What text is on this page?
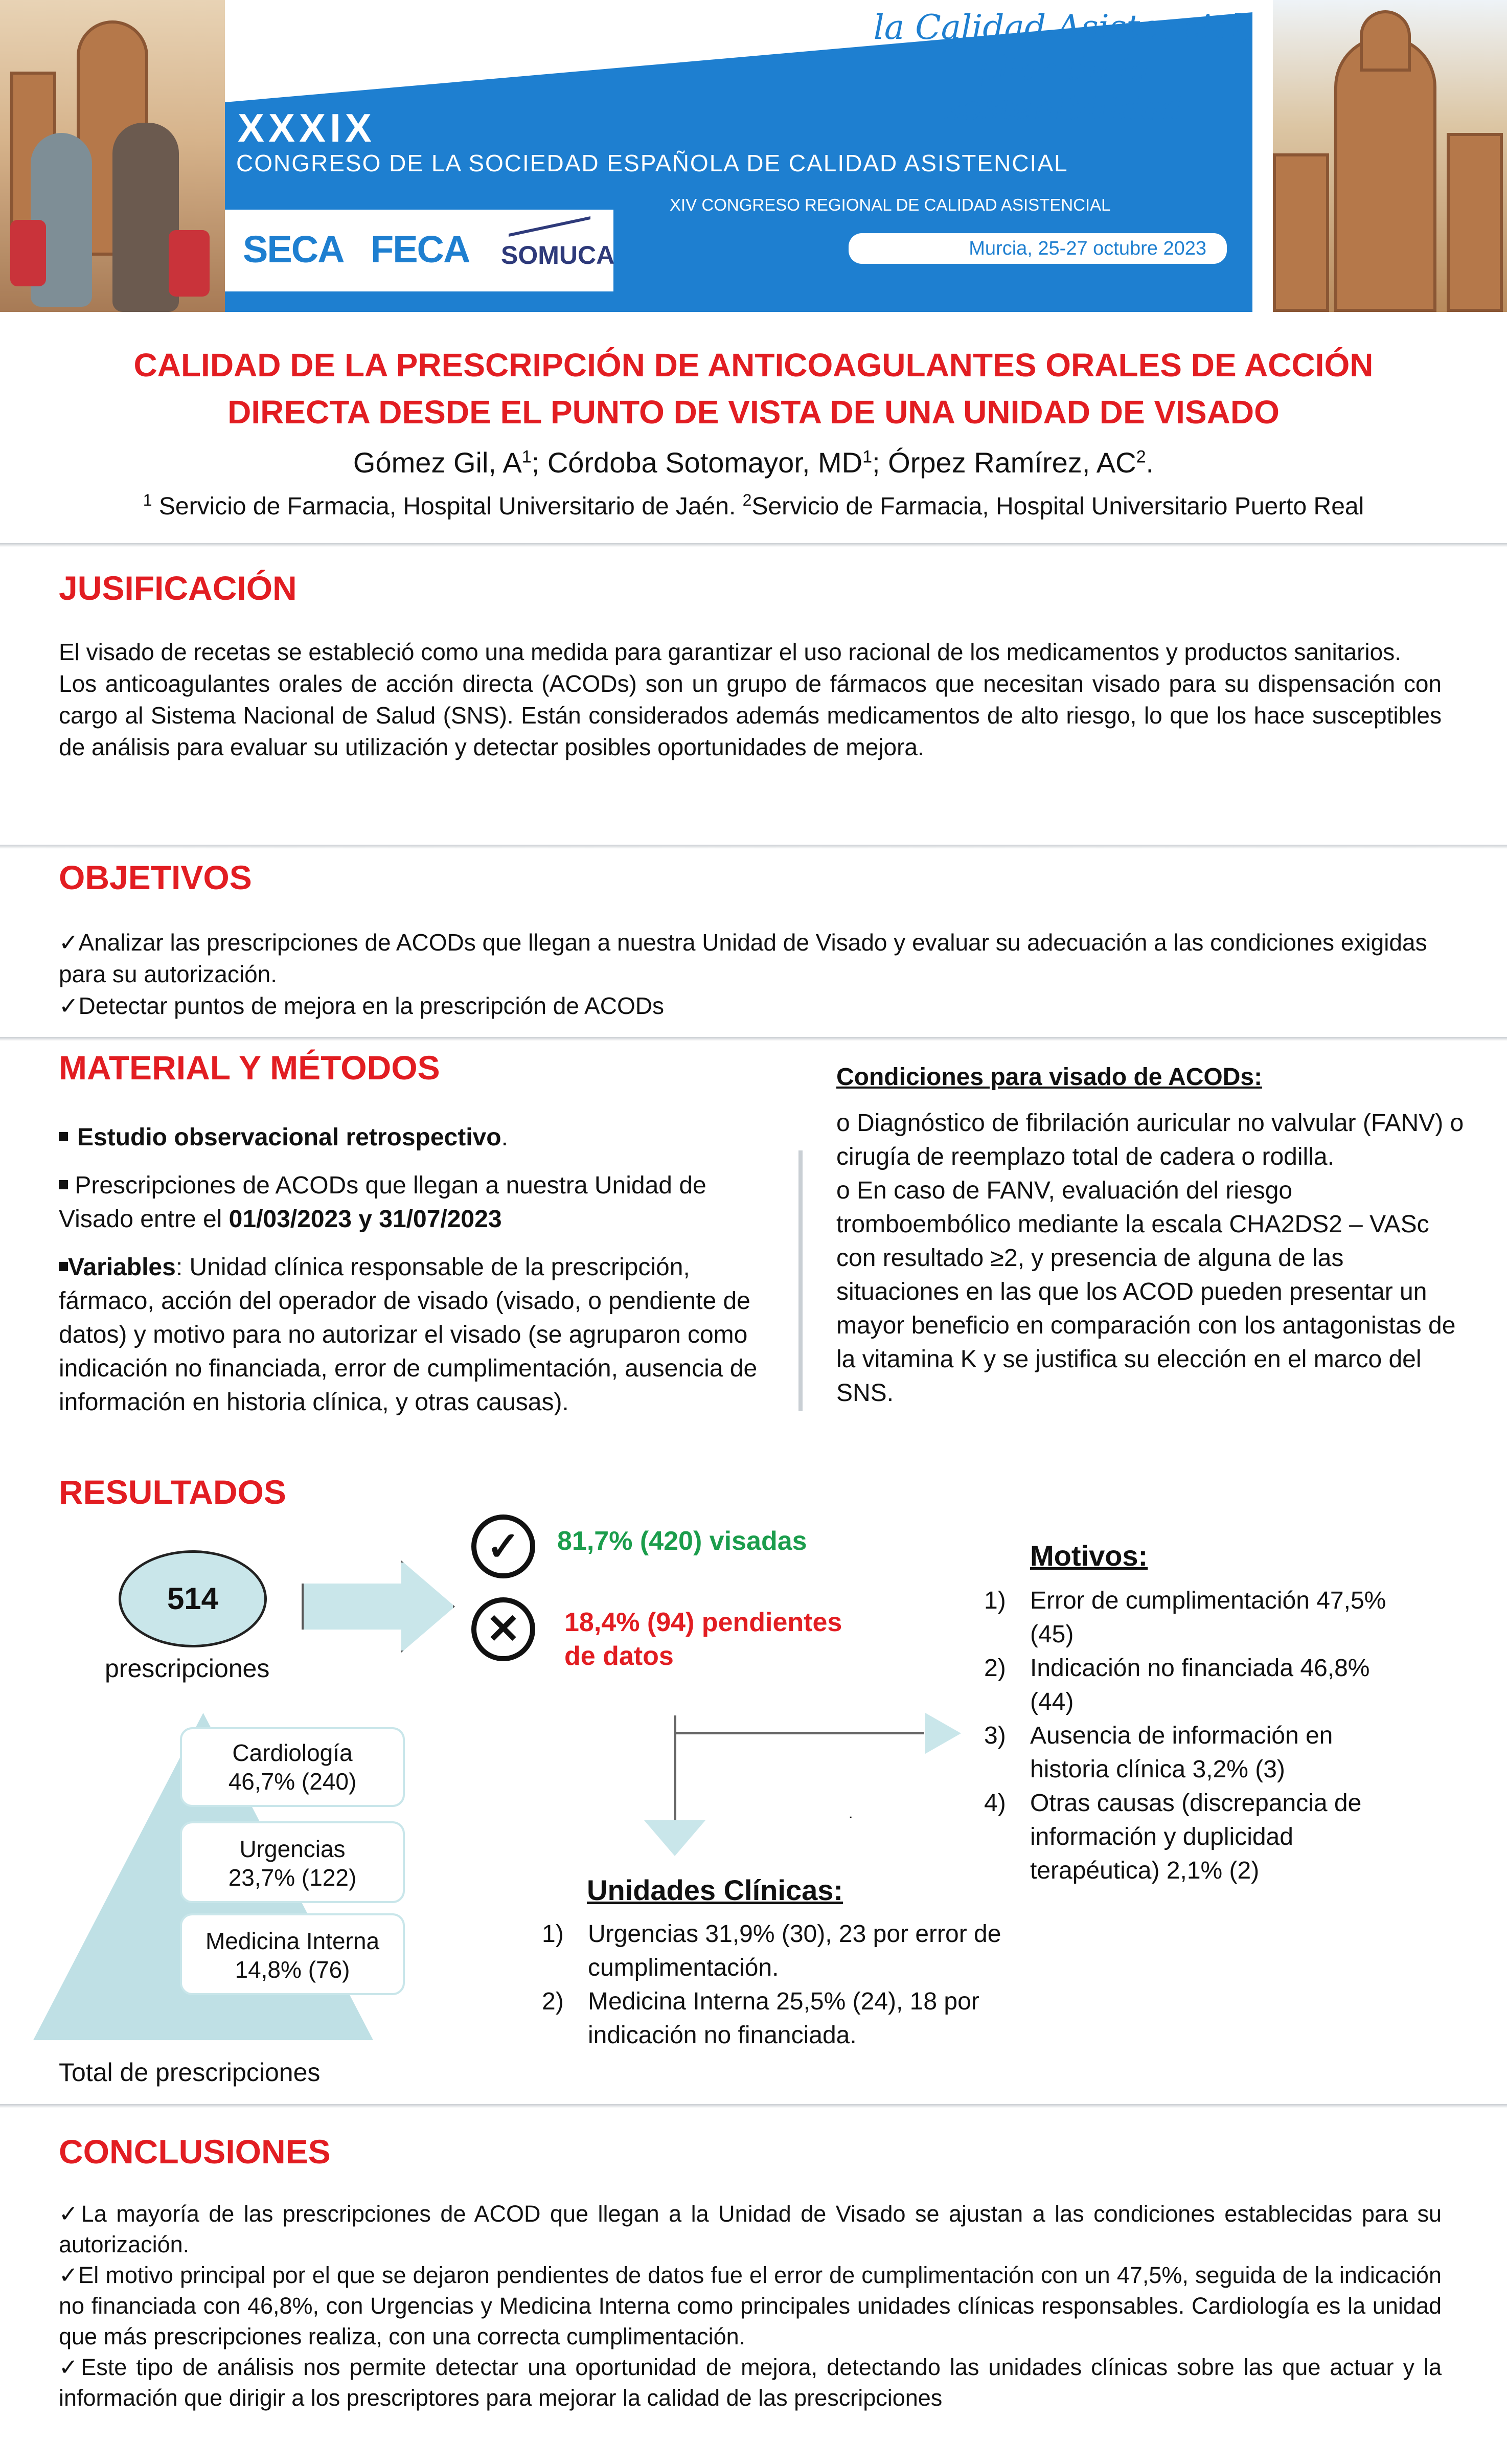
la Calidad Asistencial,
pilar de la sostenibilidad
XXXIX
CONGRESO DE LA SOCIEDAD ESPAÑOLA DE CALIDAD ASISTENCIAL
XIV CONGRESO REGIONAL DE CALIDAD ASISTENCIAL
SECA FECA SOMUCA	Murcia, 25-27 octubre 2023
CALIDAD DE LA PRESCRIPCIÓN DE ANTICOAGULANTES ORALES DE ACCIÓN
DIRECTA DESDE EL PUNTO DE VISTA DE UNA UNIDAD DE VISADO
Gómez Gil, $A^1$; Córdoba Sotomayor, $MD^1$; Órpez Ramírez, $AC^2$.
$^1$ Servicio de Farmacia, Hospital Universitario de Jaén. $^2$Servicio de Farmacia, Hospital Universitario Puerto Real
JUSIFICACIÓN
El visado de recetas se estableció como una medida para garantizar el uso racional de los medicamentos y productos sanitarios.
Los anticoagulantes orales de acción directa (ACODs) son un grupo de fármacos que necesitan visado para su dispensación con cargo al Sistema Nacional de Salud (SNS). Están considerados además medicamentos de alto riesgo, lo que los hace susceptibles de análisis para evaluar su utilización y detectar posibles oportunidades de mejora.
OBJETIVOS
✓Analizar las prescripciones de ACODs que llegan a nuestra Unidad de Visado y evaluar su adecuación a las condiciones exigidas para su autorización.
✓Detectar puntos de mejora en la prescripción de ACODs
MATERIAL Y MÉTODOS
Estudio observacional retrospectivo.
Prescripciones de ACODs que llegan a nuestra Unidad de Visado entre el 01/03/2023 y 31/07/2023
Variables: Unidad clínica responsable de la prescripción, fármaco, acción del operador de visado (visado, o pendiente de datos) y motivo para no autorizar el visado (se agruparon como indicación no financiada, error de cumplimentación, ausencia de información en historia clínica, y otras causas).
Condiciones para visado de ACODs:
o Diagnóstico de fibrilación auricular no valvular (FANV) o cirugía de reemplazo total de cadera o rodilla.
o En caso de FANV, evaluación del riesgo tromboembólico mediante la escala CHA2DS2 – VASc con resultado ≥2, y presencia de alguna de las situaciones en las que los ACOD pueden presentar un mayor beneficio en comparación con los antagonistas de la vitamina K y se justifica su elección en el marco del SNS.
RESULTADOS
514
prescripciones
Cardiología
46,7% (240)
Urgencias
23,7% (122)
Medicina Interna
14,8% (76)
Total de prescripciones
✓	81,7% (420) visadas
✕	18,4% (94) pendientes
de datos
.
Motivos:
1) Error de cumplimentación 47,5% (45)
2) Indicación no financiada 46,8% (44)
3) Ausencia de información en historia clínica 3,2% (3)
4) Otras causas (discrepancia de información y duplicidad terapéutica) 2,1% (2)
Unidades Clínicas:
1) Urgencias 31,9% (30), 23 por error de cumplimentación.
2) Medicina Interna 25,5% (24), 18 por indicación no financiada.
CONCLUSIONES
✓La mayoría de las prescripciones de ACOD que llegan a la Unidad de Visado se ajustan a las condiciones establecidas para su autorización.
✓El motivo principal por el que se dejaron pendientes de datos fue el error de cumplimentación con un 47,5%, seguida de la indicación no financiada con 46,8%, con Urgencias y Medicina Interna como principales unidades clínicas responsables. Cardiología es la unidad que más prescripciones realiza, con una correcta cumplimentación.
✓Este tipo de análisis nos permite detectar una oportunidad de mejora, detectando las unidades clínicas sobre las que actuar y la información que dirigir a los prescriptores para mejorar la calidad de las prescripciones
